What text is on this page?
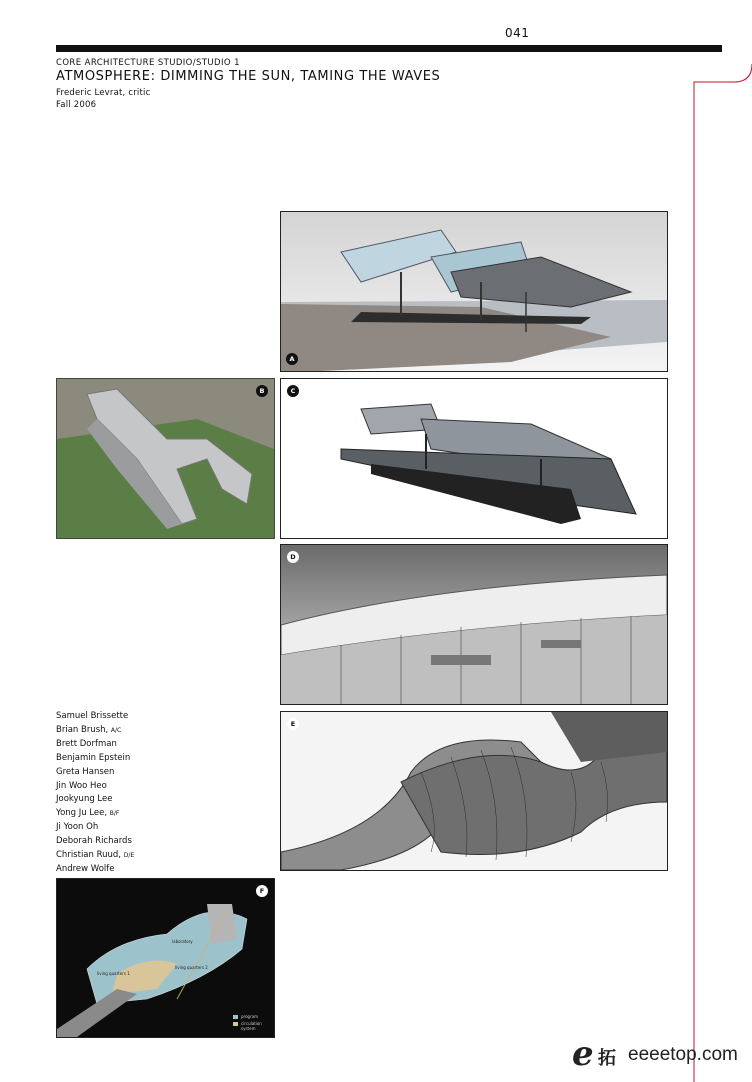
041
CORE ARCHITECTURE STUDIO/STUDIO 1
ATMOSPHERE: DIMMING THE SUN, TAMING THE WAVES
Frederic Levrat, critic
Fall 2006
A
B	C
D
E
laboratory
living quarters 1
living quarters 2
program
circulation system
F
Samuel Brissette
Brian Brush, A/C
Brett Dorfman
Benjamin Epstein
Greta Hansen
Jin Woo Heo
Jookyung Lee
Yong Ju Lee, B/F
Ji Yoon Oh
Deborah Richards
Christian Ruud, D/E
Andrew Wolfe
e 拓 eeeetop.com
